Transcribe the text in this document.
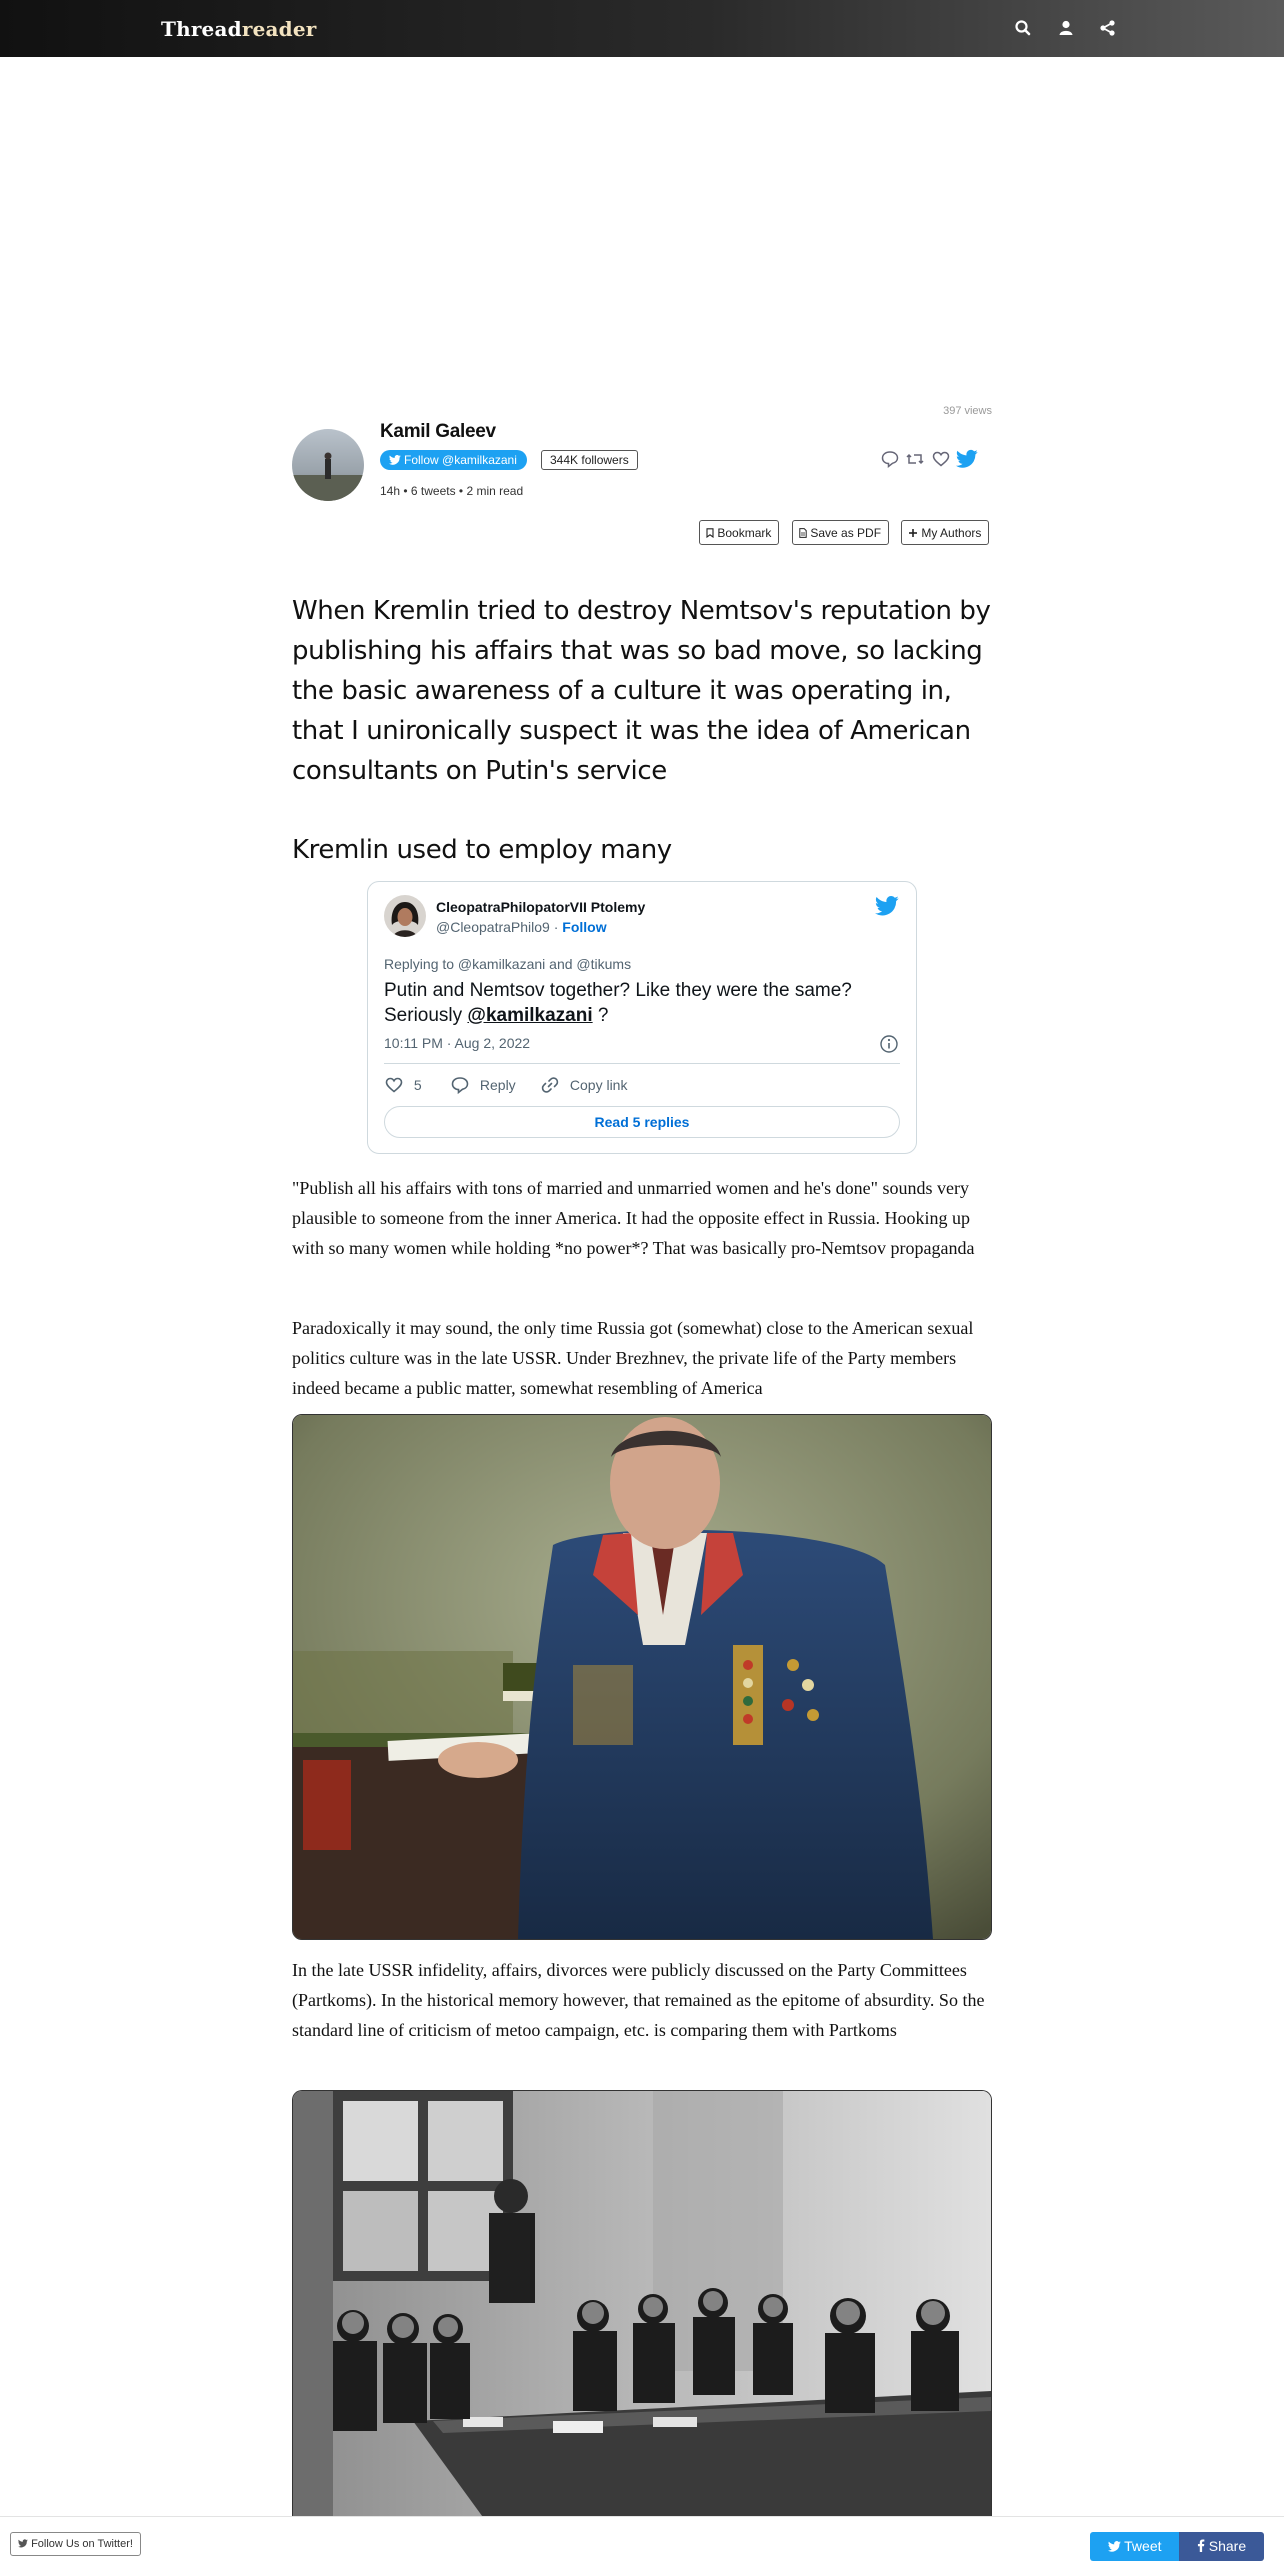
Threadreader
397 views
Kamil Galeev
Follow @kamilkazani	344K followers
14h • 6 tweets • 2 min read
Bookmark	Save as PDF	My Authors
When Kremlin tried to destroy Nemtsov's reputation by publishing his affairs that was so bad move, so lacking the basic awareness of a culture it was operating in, that I unironically suspect it was the idea of American consultants on Putin's service
Kremlin used to employ many
CleopatraPhilopatorVII Ptolemy
@CleopatraPhilo9 · Follow
Replying to @kamilkazani and @tikums
Putin and Nemtsov together? Like they were the same? Seriously @kamilkazani ?
10:11 PM · Aug 2, 2022
5	Reply	Copy link
Read 5 replies
"Publish all his affairs with tons of married and unmarried women and he's done" sounds very plausible to someone from the inner America. It had the opposite effect in Russia. Hooking up with so many women while holding *no power*? That was basically pro-Nemtsov propaganda
Paradoxically it may sound, the only time Russia got (somewhat) close to the American sexual politics culture was in the late USSR. Under Brezhnev, the private life of the Party members indeed became a public matter, somewhat resembling of America
In the late USSR infidelity, affairs, divorces were publicly discussed on the Party Committees (Partkoms). In the historical memory however, that remained as the epitome of absurdity. So the standard line of criticism of metoo campaign, etc. is comparing them with Partkoms
Follow Us on Twitter!	Tweet	Share
